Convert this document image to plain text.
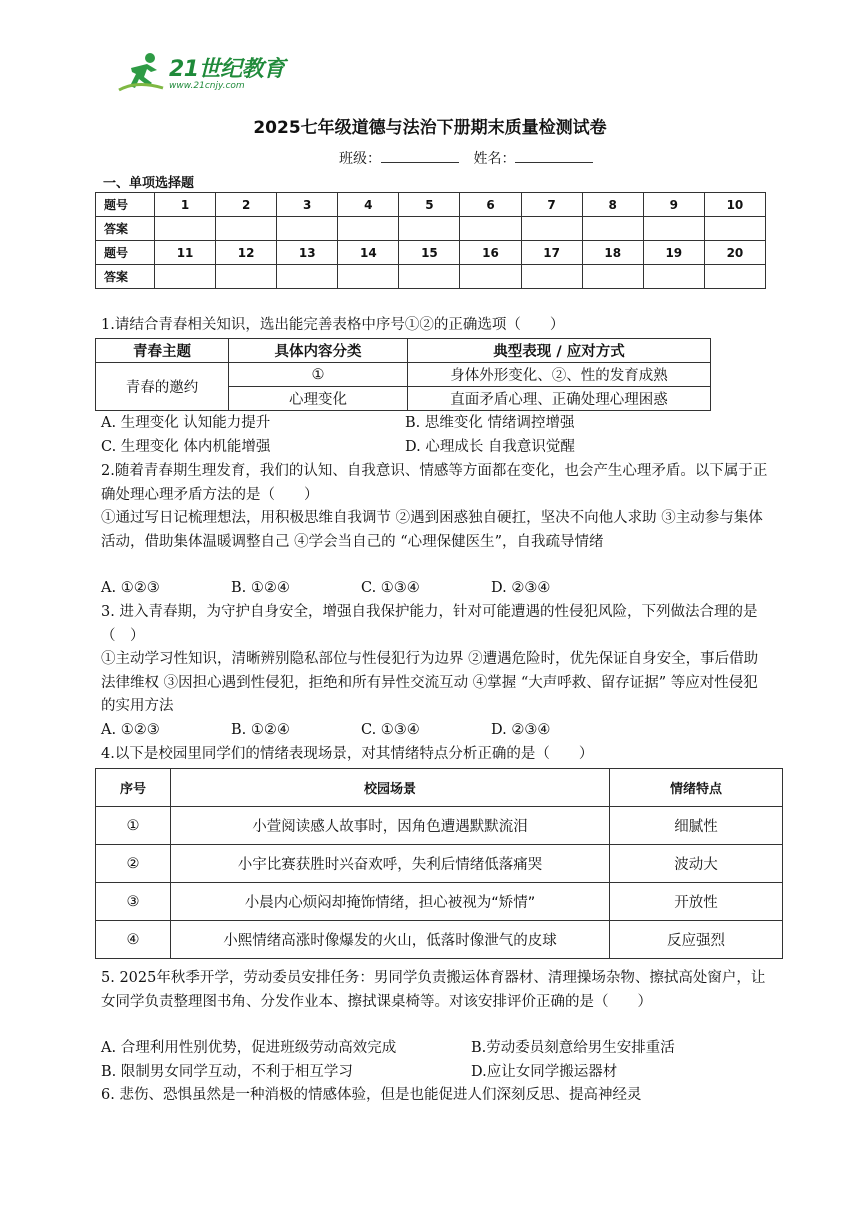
21世纪教育
www.21cnjy.com
2025七年级道德与法治下册期末质量检测试卷
班级：	姓名：
一、单项选择题
题号	1	2	3	4	5	6	7	8	9	10
答案										
题号	11	12	13	14	15	16	17	18	19	20
答案										
1.请结合青春相关知识，选出能完善表格中序号①②的正确选项（　　）
青春主题	具体内容分类	典型表现 / 应对方式
青春的邀约	①	身体外形变化、②、性的发育成熟
	心理变化	直面矛盾心理、正确处理心理困惑
A. 生理变化 认知能力提升	B. 思维变化 情绪调控增强
C. 生理变化 体内机能增强	D. 心理成长 自我意识觉醒
2.随着青春期生理发育，我们的认知、自我意识、情感等方面都在变化，也会产生心理矛盾。以下属于正确处理心理矛盾方法的是（　　）
①通过写日记梳理想法，用积极思维自我调节 ②遇到困惑独自硬扛，坚决不向他人求助 ③主动参与集体活动，借助集体温暖调整自己 ④学会当自己的 “心理保健医生”，自我疏导情绪
A. ①②③	B. ①②④	C. ①③④	D. ②③④
3. 进入青春期，为守护自身安全，增强自我保护能力，针对可能遭遇的性侵犯风险，下列做法合理的是（　）
①主动学习性知识，清晰辨别隐私部位与性侵犯行为边界 ②遭遇危险时，优先保证自身安全，事后借助法律维权 ③因担心遇到性侵犯，拒绝和所有异性交流互动 ④掌握 “大声呼救、留存证据” 等应对性侵犯的实用方法
A. ①②③	B. ①②④	C. ①③④	D. ②③④
4.以下是校园里同学们的情绪表现场景，对其情绪特点分析正确的是（　　）
序号	校园场景	情绪特点
①	小萱阅读感人故事时，因角色遭遇默默流泪	细腻性
②	小宇比赛获胜时兴奋欢呼，失利后情绪低落痛哭	波动大
③	小晨内心烦闷却掩饰情绪，担心被视为“矫情”	开放性
④	小熙情绪高涨时像爆发的火山，低落时像泄气的皮球	反应强烈
5. 2025年秋季开学，劳动委员安排任务：男同学负责搬运体育器材、清理操场杂物、擦拭高处窗户，让女同学负责整理图书角、分发作业本、擦拭课桌椅等。对该安排评价正确的是（　　）
A. 合理利用性别优势，促进班级劳动高效完成	B.劳动委员刻意给男生安排重活
B. 限制男女同学互动，不利于相互学习	D.应让女同学搬运器材
6. 悲伤、恐惧虽然是一种消极的情感体验，但是也能促进人们深刻反思、提高神经灵
